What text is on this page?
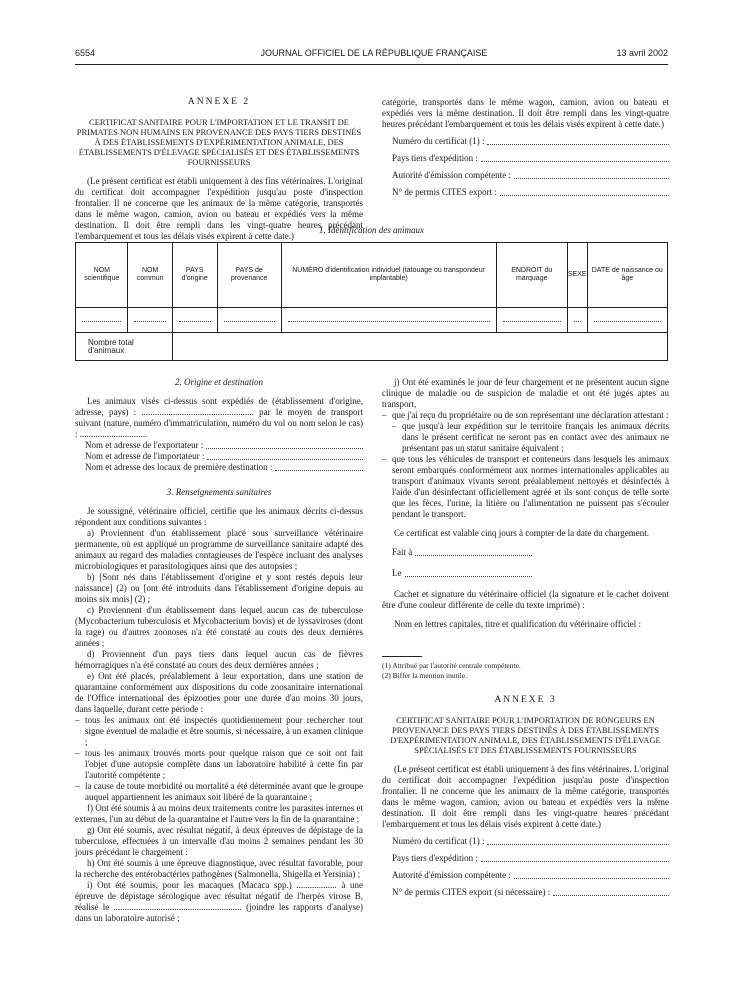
6554	JOURNAL OFFICIEL DE LA RÉPUBLIQUE FRANÇAISE	13 avril 2002

ANNEXE 2

CERTIFICAT SANITAIRE POUR L'IMPORTATION ET LE TRANSIT DE PRIMATES NON HUMAINS EN PROVENANCE DES PAYS TIERS DESTINÉS À DES ÉTABLISSEMENTS D'EXPÉRIMENTATION ANIMALE, DES ÉTABLISSEMENTS D'ÉLEVAGE SPÉCIALISÉS ET DES ÉTABLISSEMENTS FOURNISSEURS

(Le présent certificat est établi uniquement à des fins vétérinaires. L'original du certificat doit accompagner l'expédition jusqu'au poste d'inspection frontalier. Il ne concerne que les animaux de la même catégorie, transportés dans le même wagon, camion, avion ou bateau et expédiés vers la même destination. Il doit être rempli dans les vingt-quatre heures précédant l'embarquement et tous les délais visés expirent à cette date.)

catégorie, transportés dans le même wagon, camion, avion ou bateau et expédiés vers la même destination. Il doit être rempli dans les vingt-quatre heures précédant l'embarquement et tous les délais visés expirent à cette date.)

Numéro du certificat (1) :
Pays tiers d'expédition :
Autorité d'émission compétente :
N° de permis CITES export :
1. Identification des animaux
NOM scientifique	NOM commun	PAYS d'origine	PAYS de provenance	NUMÉRO d'identification individuel (tatouage ou transpondeur implantable)	ENDROIT du marquage	SEXE	DATE de naissance ou âge

Nombre total d'animaux							

2. Origine et destination

Les animaux visés ci-dessus sont expédiés de (établissement d'origine, adresse, pays) : .................................................. par le moyen de transport suivant (nature, numéro d'immatriculation, numéro du vol ou nom selon le cas) : ..............................

Nom et adresse de l'exportateur :
Nom et adresse de l'importateur :
Nom et adresse des locaux de première destination :

3. Renseignements sanitaires

Je soussigné, vétérinaire officiel, certifie que les animaux décrits ci-dessus répondent aux conditions suivantes :

a) Proviennent d'un établissement placé sous surveillance vétérinaire permanente, où est appliqué un programme de surveillance sanitaire adapté des animaux au regard des maladies contagieuses de l'espèce incluant des analyses microbiologiques et parasitologiques ainsi que des autopsies ;

b) [Sont nés dans l'établissement d'origine et y sont restés depuis leur naissance] (2) ou [ont été introduits dans l'établissement d'origine depuis au moins six mois] (2) ;

c) Proviennent d'un établissement dans lequel aucun cas de tuberculose (Mycobacterium tuberculosis et Mycobacterium bovis) et de lyssaviroses (dont la rage) ou d'autres zoonoses n'a été constaté au cours des deux dernières années ;

d) Proviennent d'un pays tiers dans lequel aucun cas de fièvres hémorragiques n'a été constaté au cours des deux dernières années ;

e) Ont été placés, préalablement à leur exportation, dans une station de quarantaine conformément aux dispositions du code zoosanitaire international de l'Office international des épizooties pour une durée d'au moins 30 jours, dans laquelle, durant cette période :

– tous les animaux ont été inspectés quotidiennement pour rechercher tout signe éventuel de maladie et être soumis, si nécessaire, à un examen clinique ;
– tous les animaux trouvés morts pour quelque raison que ce soit ont fait l'objet d'une autopsie complète dans un laboratoire habilité à cette fin par l'autorité compétente ;
– la cause de toute morbidité ou mortalité a été déterminée avant que le groupe auquel appartiennent les animaux soit libéré de la quarantaine ;

f) Ont été soumis à au moins deux traitements contre les parasites internes et externes, l'un au début de la quarantaine et l'autre vers la fin de la quarantaine ;

g) Ont été soumis, avec résultat négatif, à deux épreuves de dépistage de la tuberculose, effectuées à un intervalle d'au moins 2 semaines pendant les 30 jours précédant le chargement :

h) Ont été soumis à une épreuve diagnostique, avec résultat favorable, pour la recherche des entérobactéries pathogènes (Salmonella, Shigella et Yersinia) ;

i) Ont été soumis, pour les macaques (Macaca spp.) .................. à une épreuve de dépistage sérologique avec résultat négatif de l'herpès virose B, réalisé le ......................................................... (joindre les rapports d'analyse) dans un laboratoire autorisé ;

j) Ont été examinés le jour de leur chargement et ne présentent aucun signe clinique de maladie ou de suspicion de maladie et ont été jugés aptes au transport,

– que j'ai reçu du propriétaire ou de son représentant une déclaration attestant :
– que jusqu'à leur expédition sur le territoire français les animaux décrits dans le présent certificat ne seront pas en contact avec des animaux ne présentant pas un statut sanitaire équivalent ;
– que tous les véhicules de transport et conteneurs dans lesquels les animaux seront embarqués conformément aux normes internationales applicables au transport d'animaux vivants seront préalablement nettoyés et désinfectés à l'aide d'un désinfectant officiellement agréé et ils sont conçus de telle sorte que les fèces, l'urine, la litière ou l'alimentation ne puissent pas s'écouler pendant le transport.

Ce certificat est valable cinq jours à compter de la date du chargement.

Fait à
Le

Cachet et signature du vétérinaire officiel (la signature et le cachet doivent être d'une couleur différente de celle du texte imprimé) :

Nom en lettres capitales, titre et qualification du vétérinaire officiel :

(1) Attribué par l'autorité centrale compétente.

(2) Biffer la mention inutile.

ANNEXE 3

CERTIFICAT SANITAIRE POUR L'IMPORTATION DE RONGEURS EN PROVENANCE DES PAYS TIERS DESTINÉS À DES ÉTABLISSEMENTS D'EXPÉRIMENTATION ANIMALE, DES ÉTABLISSEMENTS D'ÉLEVAGE SPÉCIALISÉS ET DES ÉTABLISSEMENTS FOURNISSEURS

(Le présent certificat est établi uniquement à des fins vétérinaires. L'original du certificat doit accompagner l'expédition jusqu'au poste d'inspection frontalier. Il ne concerne que les animaux de la même catégorie, transportés dans le même wagon, camion, avion ou bateau et expédiés vers la même destination. Il doit être rempli dans les vingt-quatre heures précédant l'embarquement et tous les délais visés expirent à cette date.)

Numéro du certificat (1) :
Pays tiers d'expédition :
Autorité d'émission compétente :
N° de permis CITES export (si nécessaire) :
